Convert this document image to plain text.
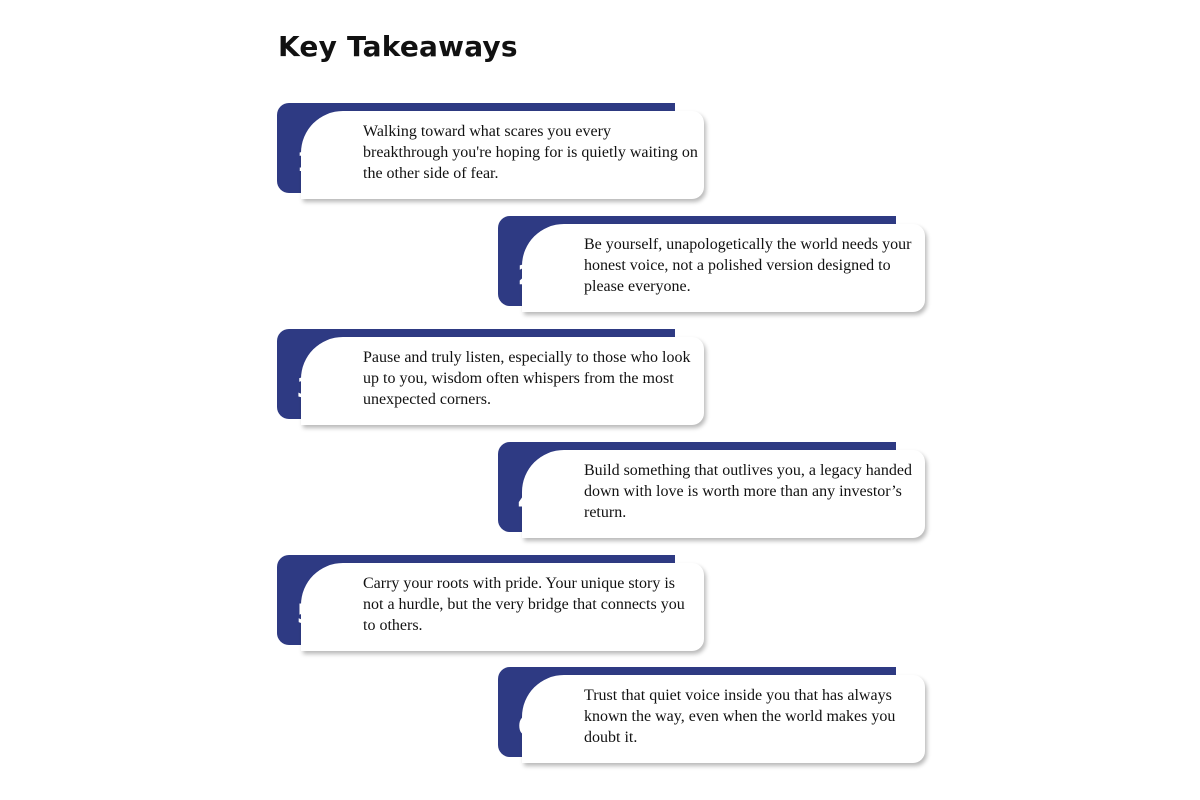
Key Takeaways
1

Walking toward what scares you every breakthrough you're hoping for is quietly waiting on the other side of fear.

2

Be yourself, unapologetically the world needs your honest voice, not a polished version designed to please everyone.

3

Pause and truly listen, especially to those who look up to you, wisdom often whispers from the most unexpected corners.

4

Build something that outlives you, a legacy handed down with love is worth more than any investor’s return.

5

Carry your roots with pride. Your unique story is not a hurdle, but the very bridge that connects you to others.

6

Trust that quiet voice inside you that has always known the way, even when the world makes you doubt it.
